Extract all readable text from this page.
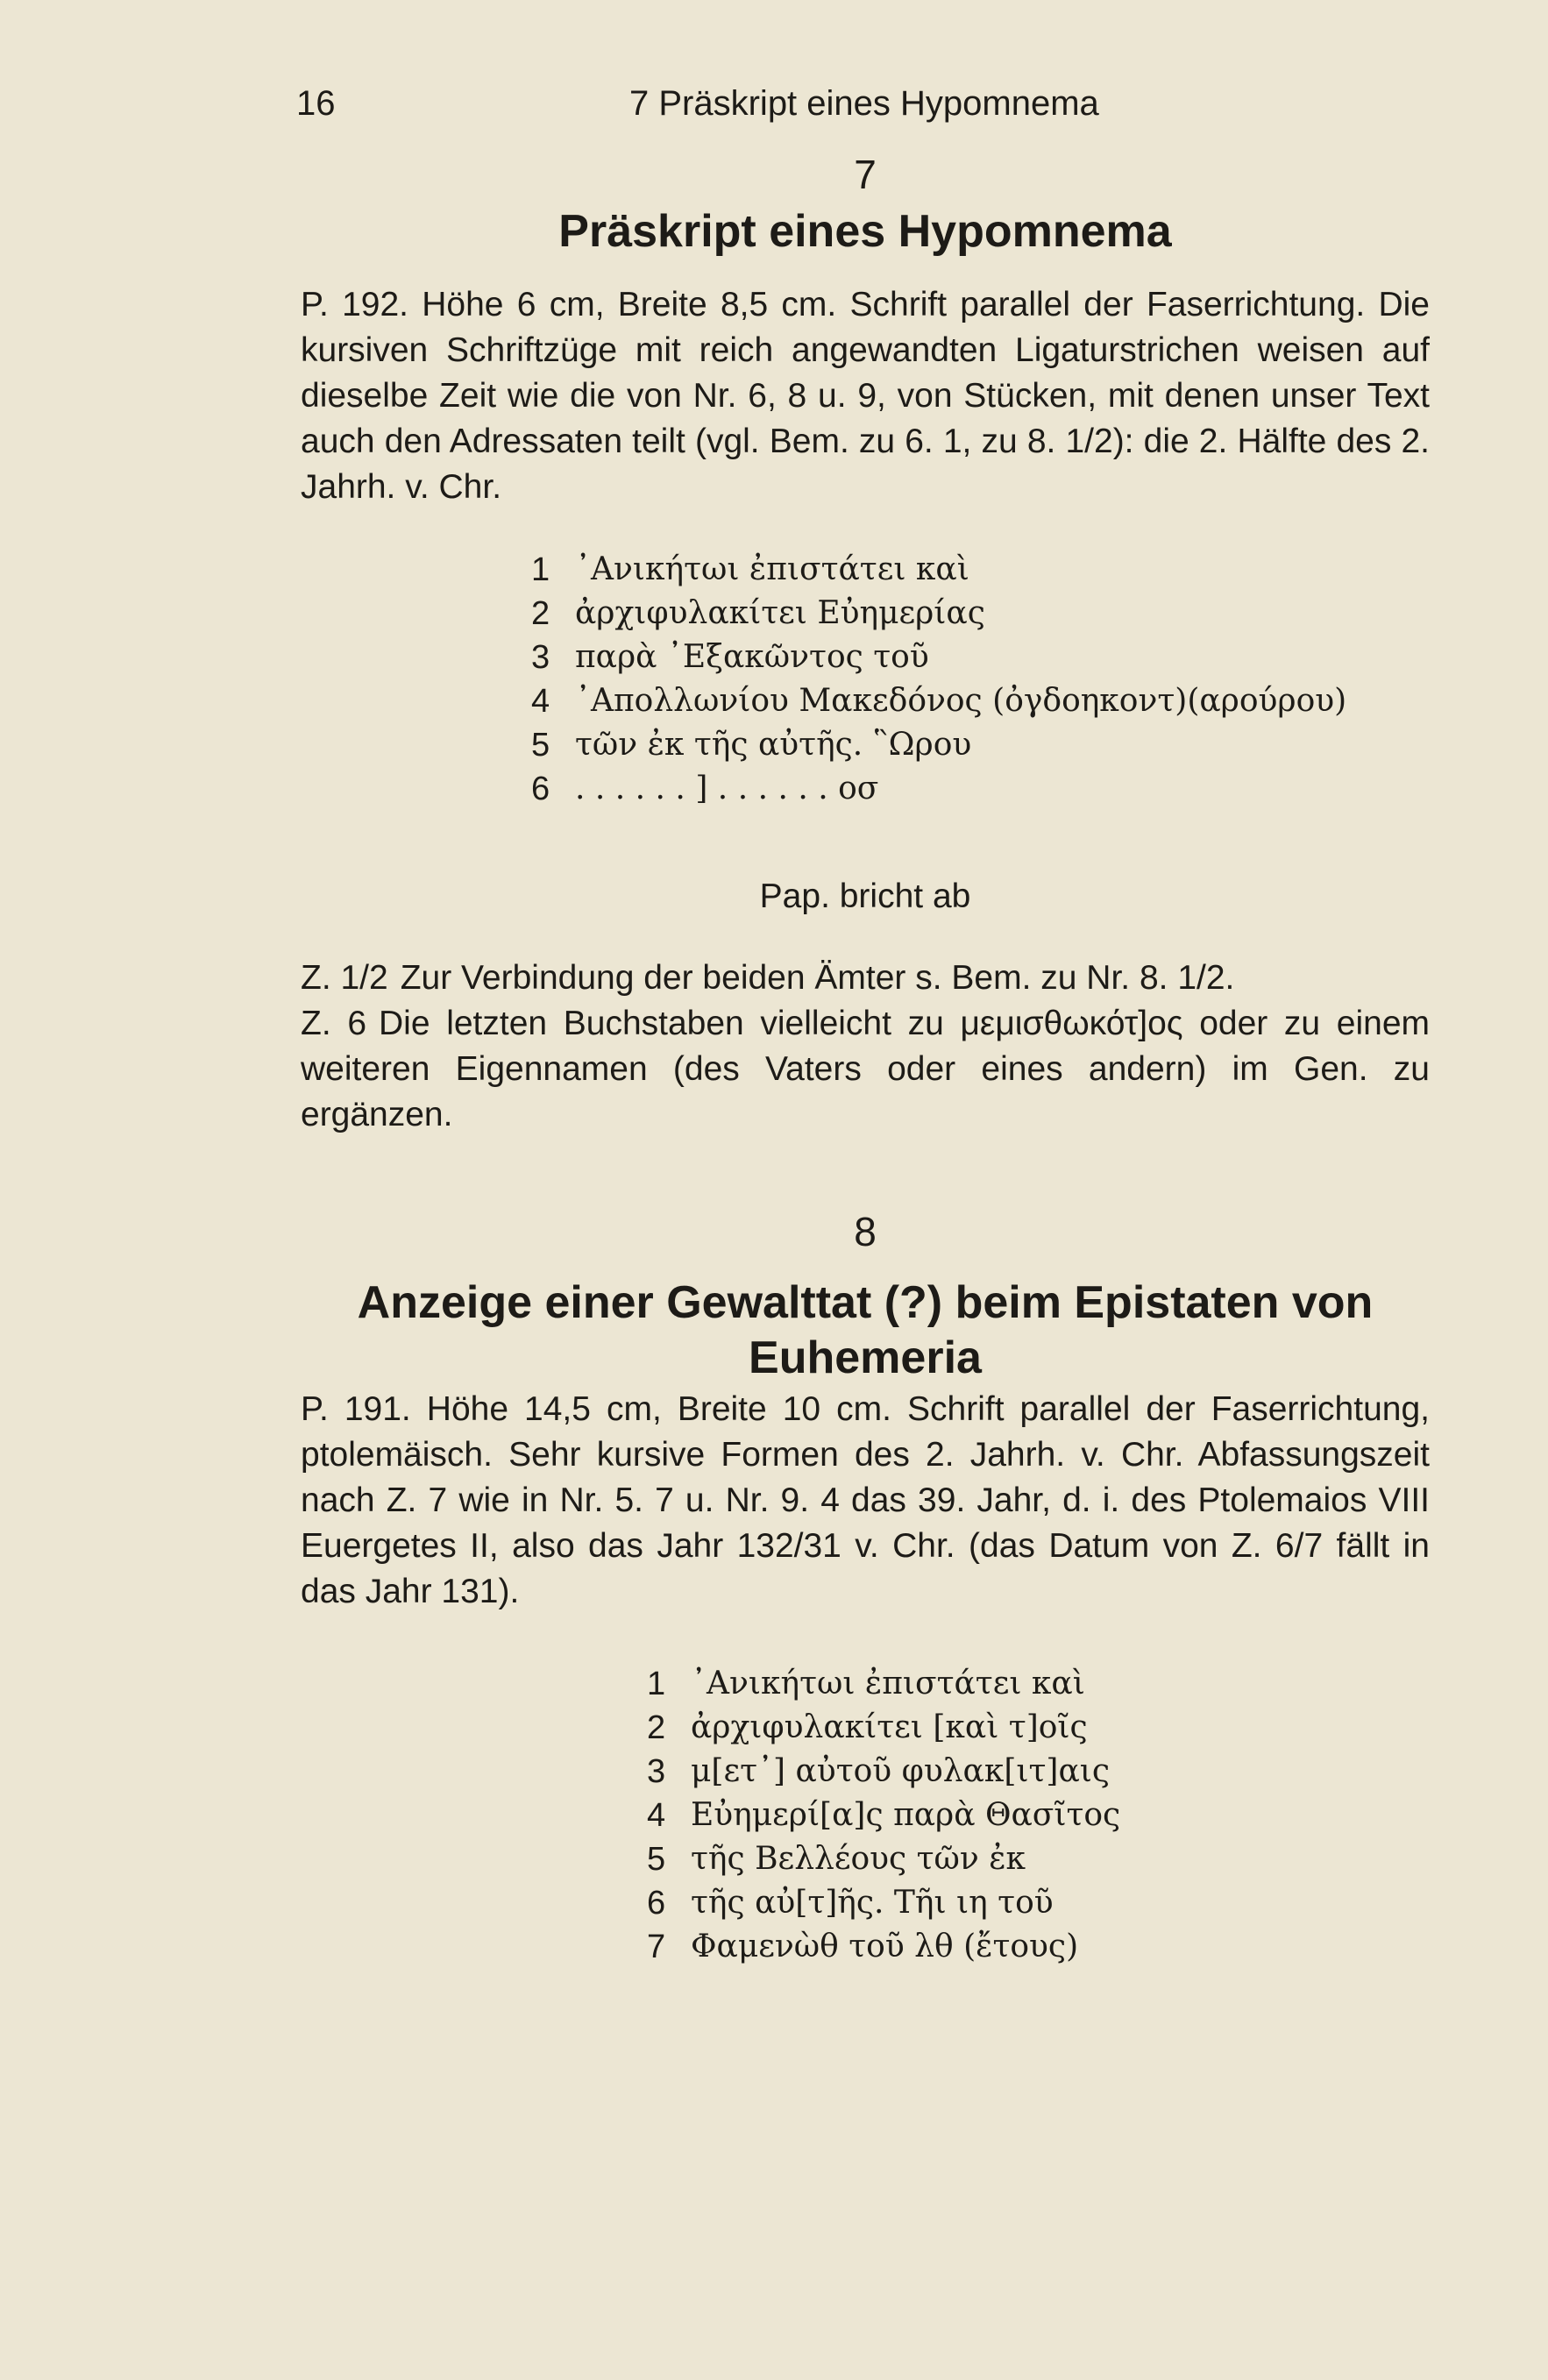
16	7 Präskript eines Hypomnema
7
Präskript eines Hypomnema

P. 192. Höhe 6 cm, Breite 8,5 cm. Schrift parallel der Faserrichtung. Die kursiven Schriftzüge mit reich angewandten Ligaturstrichen weisen auf dieselbe Zeit wie die von Nr. 6, 8 u. 9, von Stücken, mit denen unser Text auch den Adressaten teilt (vgl. Bem. zu 6. 1, zu 8. 1/2): die 2. Hälfte des 2. Jahrh. v. Chr.

1 ᾿Ανικήτωι ἐπιστάτει καὶ
2 ἀρχιφυλακίτει Εὐημερίας
3 παρὰ ᾿Εξακῶντος τοῦ
4 ᾿Απολλωνίου Μακεδόνος (ὀγδοηκοντ)(αρούρου)
5 τῶν ἐκ τῆς αὐτῆς. ῝Ωρου
6 . . . . . . ] . . . . . . οσ
Pap. bricht ab

Z. 1/2 Zur Verbindung der beiden Ämter s. Bem. zu Nr. 8. 1/2.

Z. 6 Die letzten Buchstaben vielleicht zu μεμισθωκότ]ος oder zu einem weiteren Eigennamen (des Vaters oder eines andern) im Gen. zu ergänzen.

8
Anzeige einer Gewalttat (?) beim Epistaten von
Euhemeria

P. 191. Höhe 14,5 cm, Breite 10 cm. Schrift parallel der Faserrichtung, ptolemäisch. Sehr kursive Formen des 2. Jahrh. v. Chr. Abfassungszeit nach Z. 7 wie in Nr. 5. 7 u. Nr. 9. 4 das 39. Jahr, d. i. des Ptolemaios VIII Euergetes II, also das Jahr 132/31 v. Chr. (das Datum von Z. 6/7 fällt in das Jahr 131).

1 ᾿Ανικήτωι ἐπιστάτει καὶ
2 ἀρχιφυλακίτει [καὶ τ]οῖς
3 μ[ετ᾿] αὐτοῦ φυλακ[ιτ]αις
4 Εὐημερί[α]ς παρὰ Θασῖτος
5 τῆς Βελλέους τῶν ἐκ
6 τῆς αὐ[τ]ῆς. Τῆι ιη τοῦ
7 Φαμενὼθ τοῦ λθ (ἔτους)
